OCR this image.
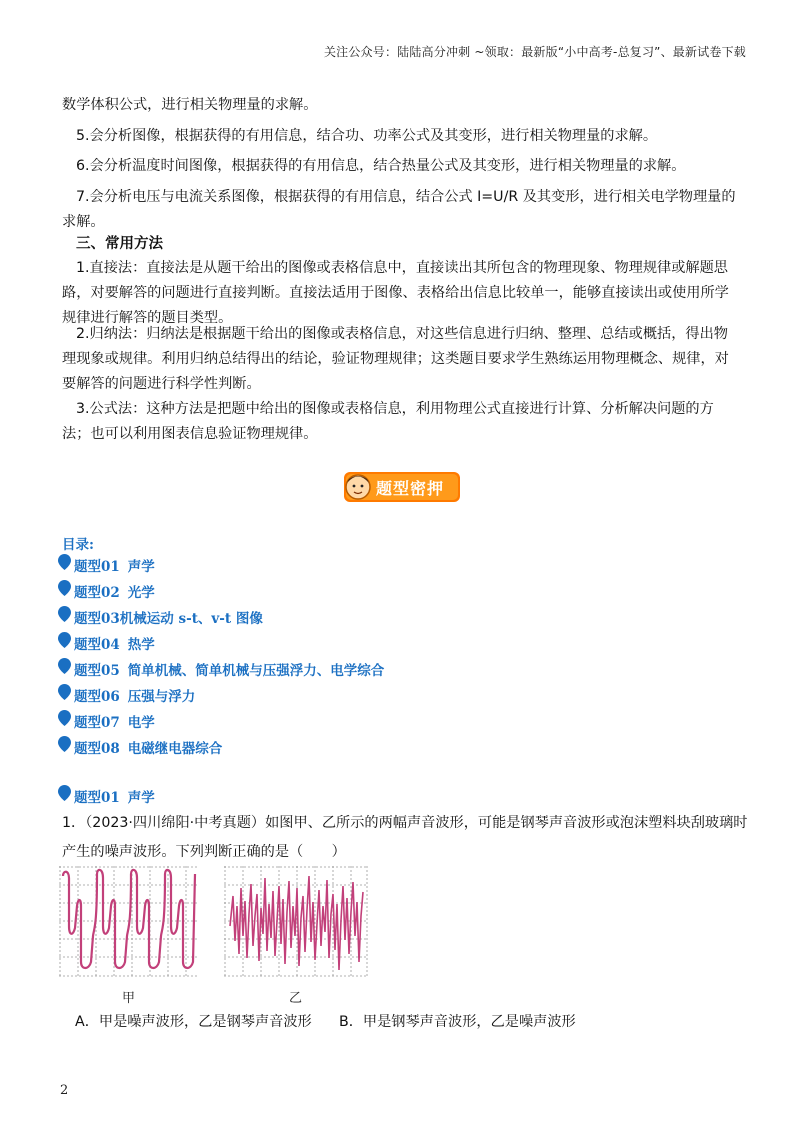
关注公众号：陆陆高分冲刺 ~领取：最新版“小中高考-总复习”、最新试卷下载
数学体积公式，进行相关物理量的求解。
5.会分析图像，根据获得的有用信息，结合功、功率公式及其变形，进行相关物理量的求解。
6.会分析温度时间图像，根据获得的有用信息，结合热量公式及其变形，进行相关物理量的求解。
7.会分析电压与电流关系图像，根据获得的有用信息，结合公式 I=U/R 及其变形，进行相关电学物理量的求解。
三、常用方法
1.直接法：直接法是从题干给出的图像或表格信息中，直接读出其所包含的物理现象、物理规律或解题思路，对要解答的问题进行直接判断。直接法适用于图像、表格给出信息比较单一，能够直接读出或使用所学规律进行解答的题目类型。
2.归纳法：归纳法是根据题干给出的图像或表格信息，对这些信息进行归纳、整理、总结或概括，得出物理现象或规律。利用归纳总结得出的结论，验证物理规律；这类题目要求学生熟练运用物理概念、规律，对要解答的问题进行科学性判断。
3.公式法：这种方法是把题中给出的图像或表格信息，利用物理公式直接进行计算、分析解决问题的方法；也可以利用图表信息验证物理规律。
题型密押
目录:
题型01 声学
题型02 光学
题型03 机械运动 s-t、v-t 图像
题型04 热学
题型05 简单机械、简单机械与压强浮力、电学综合
题型06 压强与浮力
题型07 电学
题型08 电磁继电器综合
题型01 声学
1．（2023·四川绵阳·中考真题）如图甲、乙所示的两幅声音波形，可能是钢琴声音波形或泡沫塑料块刮玻璃时
产生的噪声波形。下列判断正确的是（　　）
甲	乙
A．甲是噪声波形，乙是钢琴声音波形 B．甲是钢琴声音波形，乙是噪声波形
2
